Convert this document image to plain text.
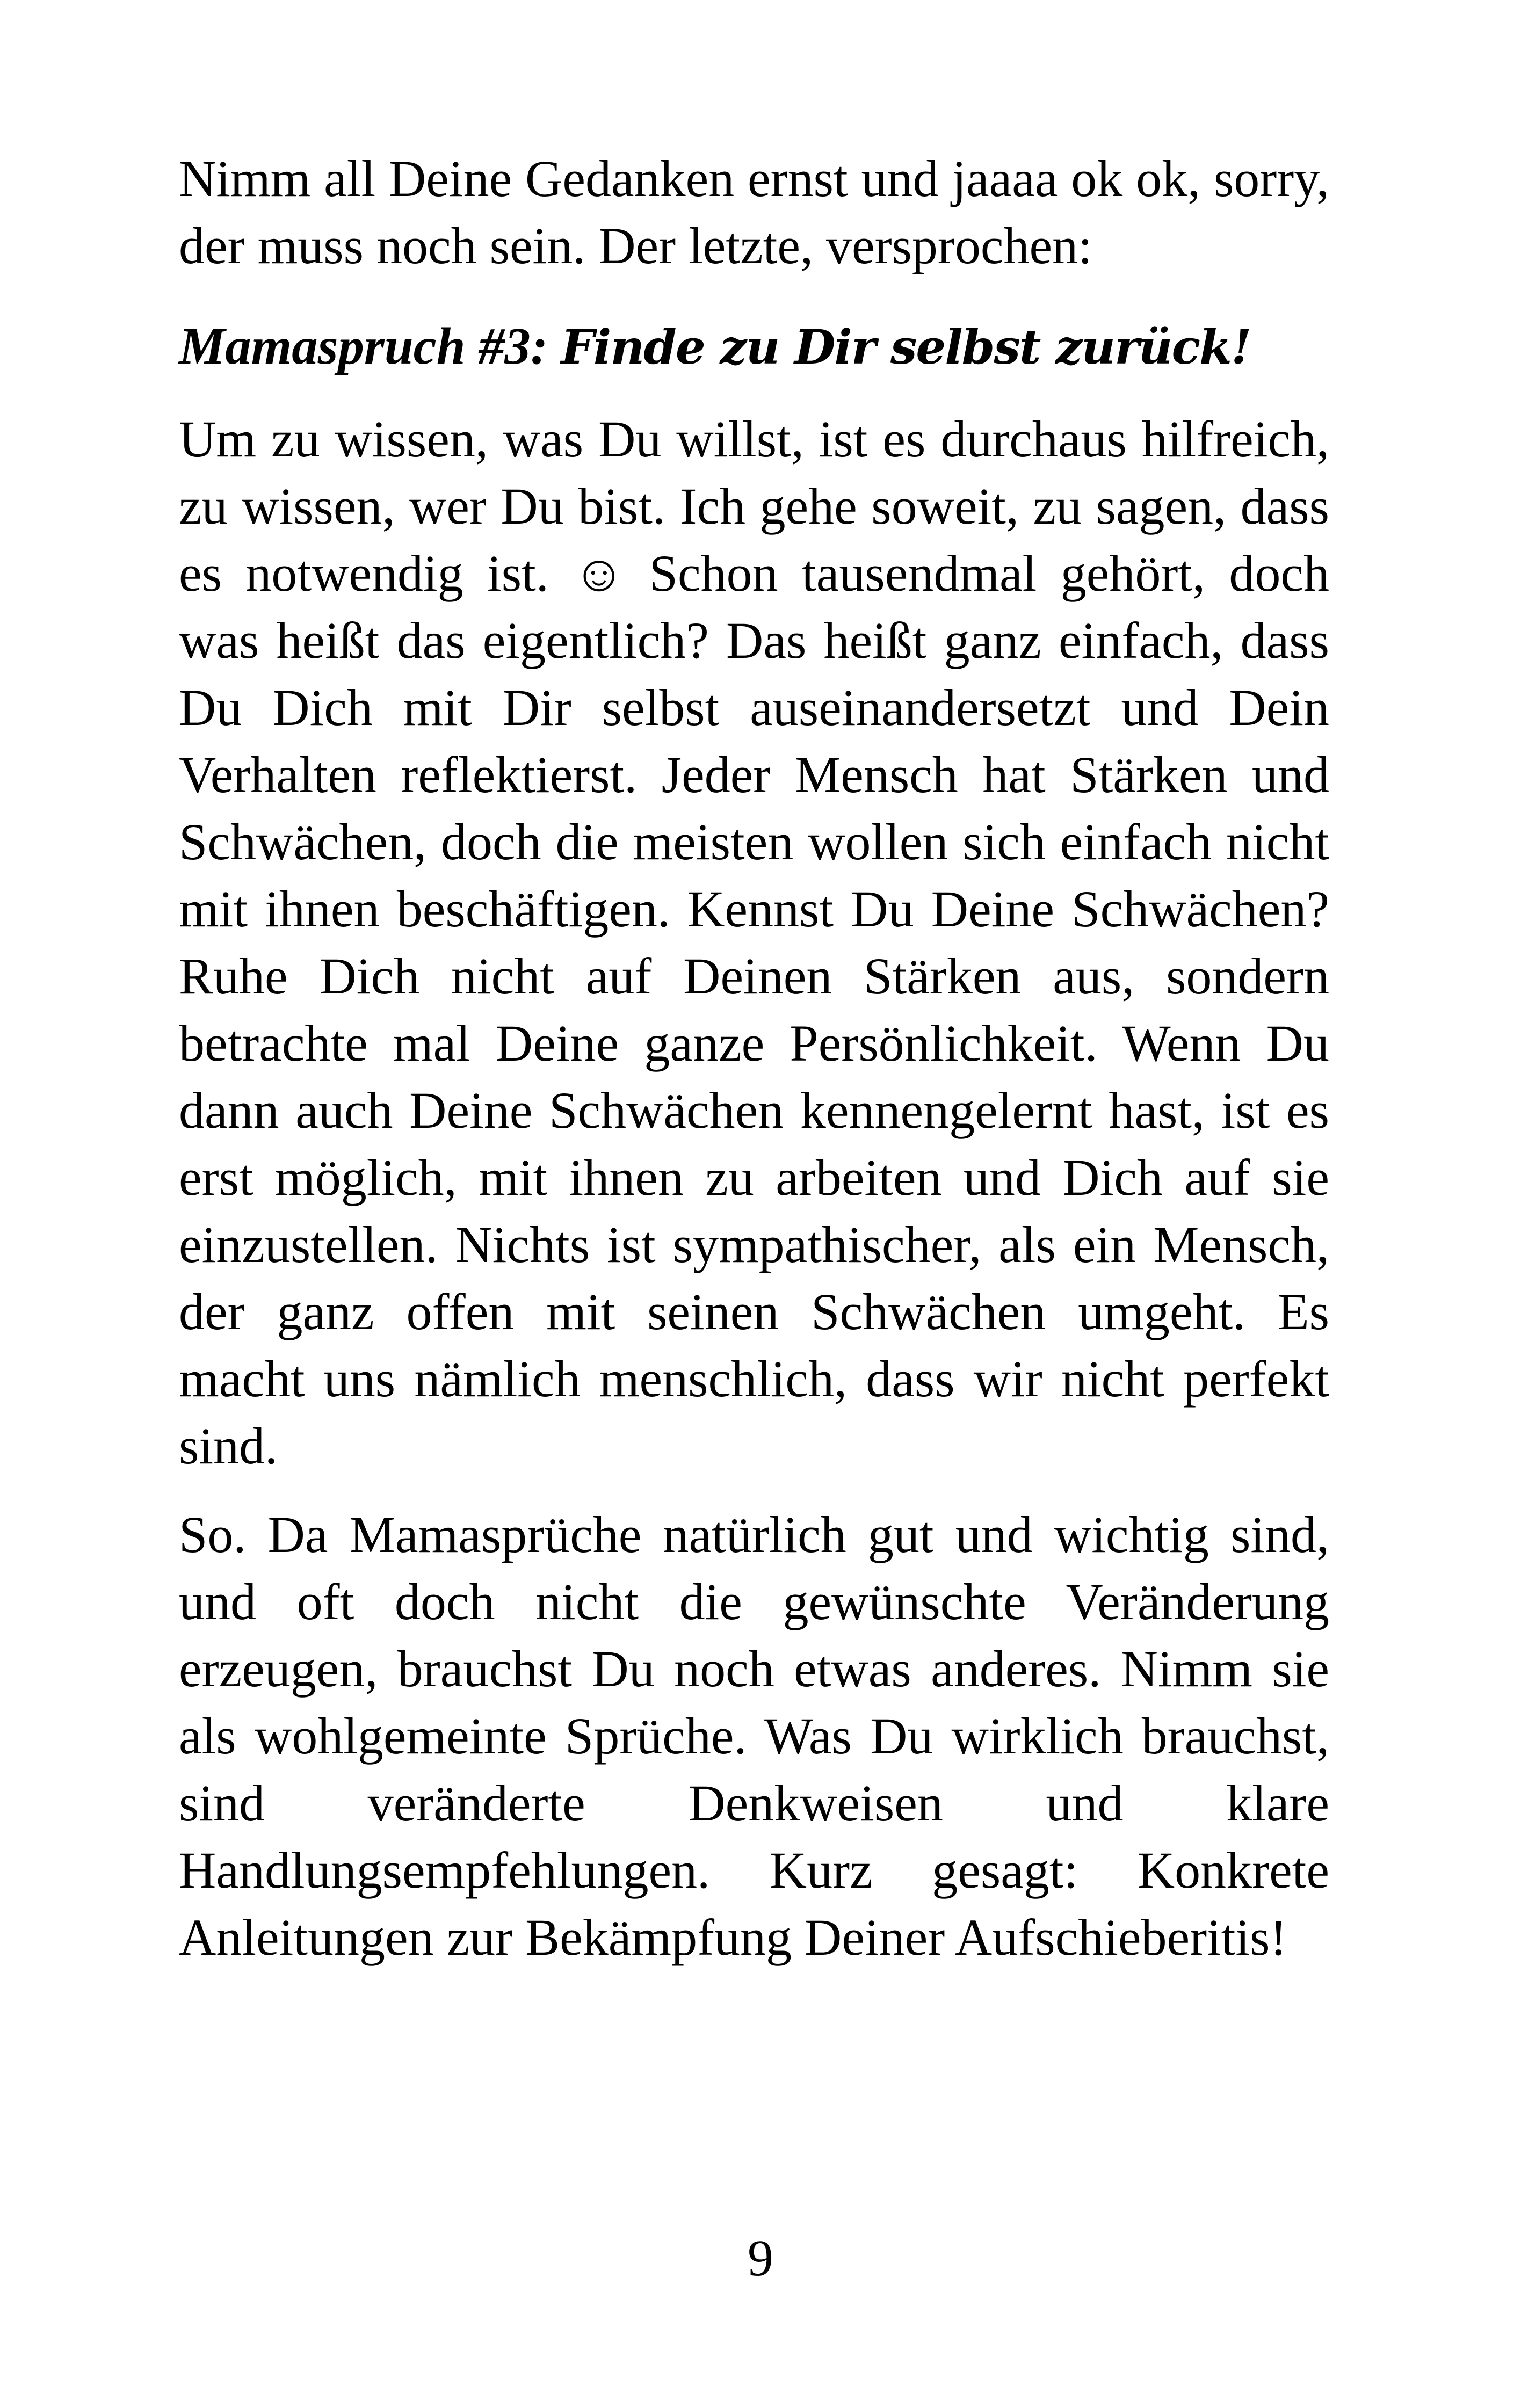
Nimm all Deine Gedanken ernst und jaaaa ok ok, sorry, der muss noch sein. Der letzte, versprochen:

Mamaspruch #3: Finde zu Dir selbst zurück!

Um zu wissen, was Du willst, ist es durchaus hilfreich, zu wissen, wer Du bist. Ich gehe soweit, zu sagen, dass es notwendig ist. ☺ Schon tausendmal gehört, doch was heißt das eigentlich? Das heißt ganz einfach, dass Du Dich mit Dir selbst auseinandersetzt und Dein Verhalten reflektierst. Jeder Mensch hat Stärken und Schwächen, doch die meisten wollen sich einfach nicht mit ihnen beschäftigen. Kennst Du Deine Schwächen? Ruhe Dich nicht auf Deinen Stärken aus, sondern betrachte mal Deine ganze Persönlichkeit. Wenn Du dann auch Deine Schwächen kennengelernt hast, ist es erst möglich, mit ihnen zu arbeiten und Dich auf sie einzustellen. Nichts ist sympathischer, als ein Mensch, der ganz offen mit seinen Schwächen umgeht. Es macht uns nämlich menschlich, dass wir nicht perfekt sind.

So. Da Mamasprüche natürlich gut und wichtig sind, und oft doch nicht die gewünschte Veränderung erzeugen, brauchst Du noch etwas anderes. Nimm sie als wohlgemeinte Sprüche. Was Du wirklich brauchst, sind veränderte Denkweisen und klare Handlungsempfehlungen. Kurz gesagt: Konkrete Anleitungen zur Bekämpfung Deiner Aufschieberitis!

9
